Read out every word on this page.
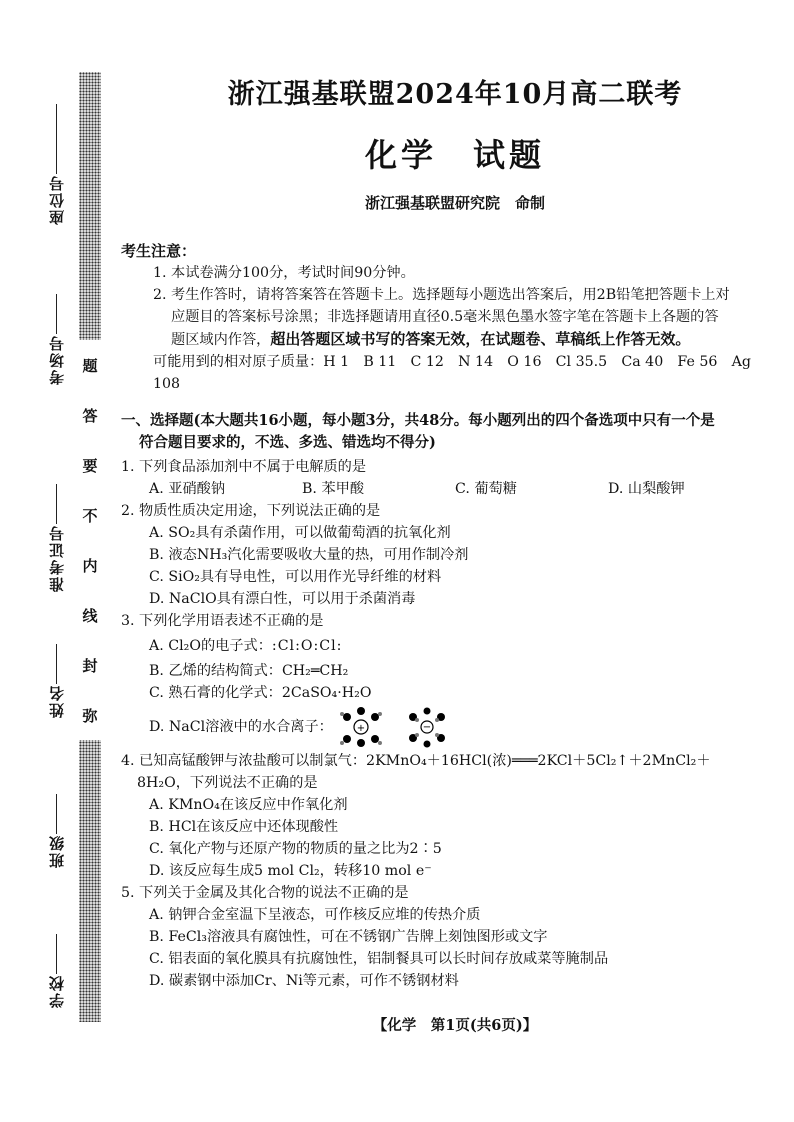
座位号
考场号
准考证号
姓名
班级
学校
题
答
要
不
内
线
封
弥
浙江强基联盟2024年10月高二联考
化学　试题
浙江强基联盟研究院　命制
考生注意：
1. 本试卷满分100分，考试时间90分钟。
2. 考生作答时，请将答案答在答题卡上。选择题每小题选出答案后，用2B铅笔把答题卡上对
应题目的答案标号涂黑；非选择题请用直径0.5毫米黑色墨水签字笔在答题卡上各题的答
题区域内作答，超出答题区域书写的答案无效，在试题卷、草稿纸上作答无效。
可能用到的相对原子质量：H 1　B 11　C 12　N 14　O 16　Cl 35.5　Ca 40　Fe 56　Ag 108
一、选择题(本大题共16小题，每小题3分，共48分。每小题列出的四个备选项中只有一个是
符合题目要求的，不选、多选、错选均不得分)
1. 下列食品添加剂中不属于电解质的是
A. 亚硝酸钠	B. 苯甲酸	C. 葡萄糖	D. 山梨酸钾
2. 物质性质决定用途，下列说法正确的是
A. SO₂具有杀菌作用，可以做葡萄酒的抗氧化剂
B. 液态NH₃汽化需要吸收大量的热，可用作制冷剂
C. SiO₂具有导电性，可以用作光导纤维的材料
D. NaClO具有漂白性，可以用于杀菌消毒
3. 下列化学用语表述不正确的是
A. Cl₂O的电子式：:Cl:O:Cl:
B. 乙烯的结构简式：CH₂═CH₂
C. 熟石膏的化学式：2CaSO₄·H₂O
D. NaCl溶液中的水合离子： +	−
4. 已知高锰酸钾与浓盐酸可以制氯气：2KMnO₄＋16HCl(浓)═══2KCl＋5Cl₂↑＋2MnCl₂＋
8H₂O，下列说法不正确的是
A. KMnO₄在该反应中作氧化剂
B. HCl在该反应中还体现酸性
C. 氧化产物与还原产物的物质的量之比为2∶5
D. 该反应每生成5 mol Cl₂，转移10 mol e⁻
5. 下列关于金属及其化合物的说法不正确的是
A. 钠钾合金室温下呈液态，可作核反应堆的传热介质
B. FeCl₃溶液具有腐蚀性，可在不锈钢广告牌上刻蚀图形或文字
C. 铝表面的氧化膜具有抗腐蚀性，铝制餐具可以长时间存放咸菜等腌制品
D. 碳素钢中添加Cr、Ni等元素，可作不锈钢材料
【化学　第1页(共6页)】
